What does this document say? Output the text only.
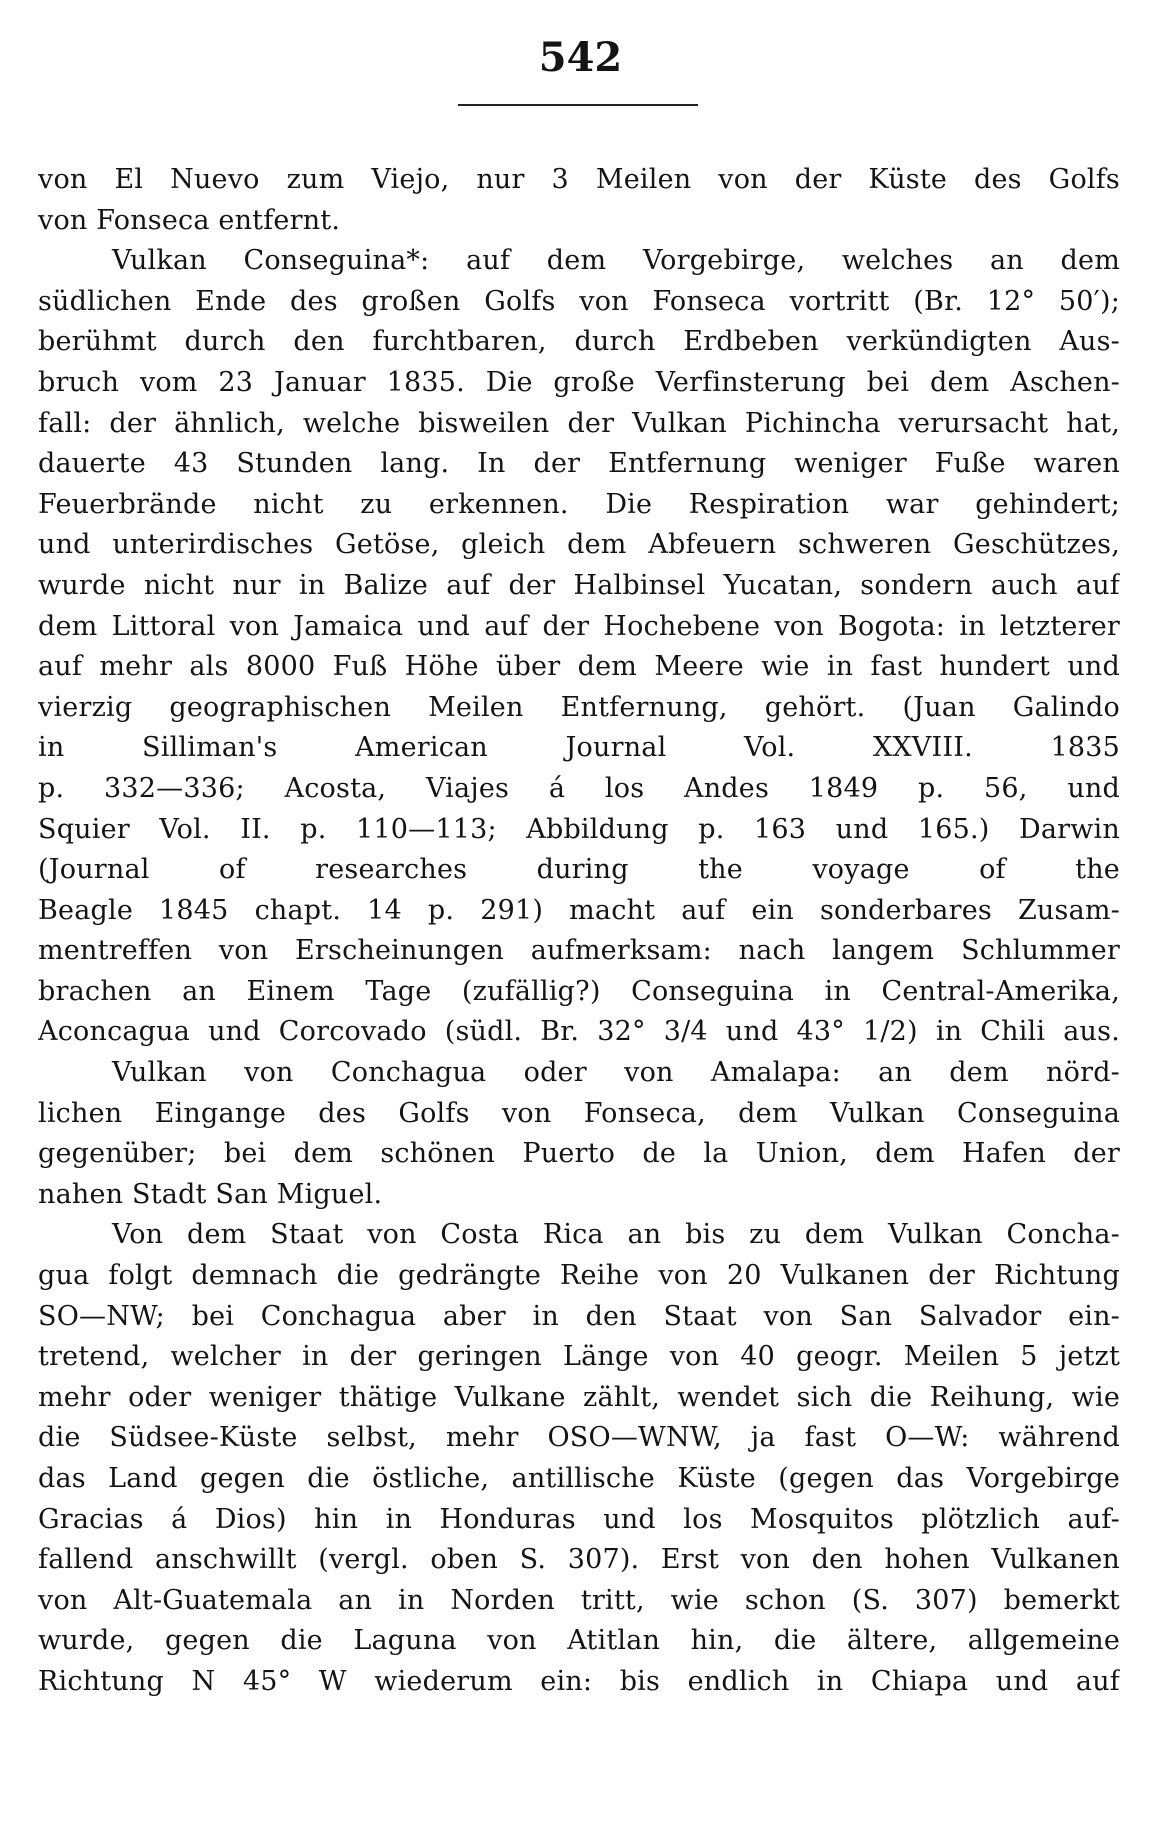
542
von El Nuevo zum Viejo, nur 3 Meilen von der Küste des Golfs
von Fonseca entfernt.
Vulkan Conseguina*: auf dem Vorgebirge, welches an dem
südlichen Ende des großen Golfs von Fonseca vortritt (Br. 12° 50′);
berühmt durch den furchtbaren, durch Erdbeben verkündigten Aus-
bruch vom 23 Januar 1835. Die große Verfinsterung bei dem Aschen-
fall: der ähnlich, welche bisweilen der Vulkan Pichincha verursacht hat,
dauerte 43 Stunden lang. In der Entfernung weniger Fuße waren
Feuerbrände nicht zu erkennen. Die Respiration war gehindert;
und unterirdisches Getöse, gleich dem Abfeuern schweren Geschützes,
wurde nicht nur in Balize auf der Halbinsel Yucatan, sondern auch auf
dem Littoral von Jamaica und auf der Hochebene von Bogota: in letzterer
auf mehr als 8000 Fuß Höhe über dem Meere wie in fast hundert und
vierzig geographischen Meilen Entfernung, gehört. (Juan Galindo
in Silliman's American Journal Vol. XXVIII. 1835
p. 332—336; Acosta, Viajes á los Andes 1849 p. 56, und
Squier Vol. II. p. 110—113; Abbildung p. 163 und 165.) Darwin
(Journal of researches during the voyage of the
Beagle 1845 chapt. 14 p. 291) macht auf ein sonderbares Zusam-
mentreffen von Erscheinungen aufmerksam: nach langem Schlummer
brachen an Einem Tage (zufällig?) Conseguina in Central-Amerika,
Aconcagua und Corcovado (südl. Br. 32° 3/4 und 43° 1/2) in Chili aus.
Vulkan von Conchagua oder von Amalapa: an dem nörd-
lichen Eingange des Golfs von Fonseca, dem Vulkan Conseguina
gegenüber; bei dem schönen Puerto de la Union, dem Hafen der
nahen Stadt San Miguel.
Von dem Staat von Costa Rica an bis zu dem Vulkan Concha-
gua folgt demnach die gedrängte Reihe von 20 Vulkanen der Richtung
SO—NW; bei Conchagua aber in den Staat von San Salvador ein-
tretend, welcher in der geringen Länge von 40 geogr. Meilen 5 jetzt
mehr oder weniger thätige Vulkane zählt, wendet sich die Reihung, wie
die Südsee-Küste selbst, mehr OSO—WNW, ja fast O—W: während
das Land gegen die östliche, antillische Küste (gegen das Vorgebirge
Gracias á Dios) hin in Honduras und los Mosquitos plötzlich auf-
fallend anschwillt (vergl. oben S. 307). Erst von den hohen Vulkanen
von Alt-Guatemala an in Norden tritt, wie schon (S. 307) bemerkt
wurde, gegen die Laguna von Atitlan hin, die ältere, allgemeine
Richtung N 45° W wiederum ein: bis endlich in Chiapa und auf
